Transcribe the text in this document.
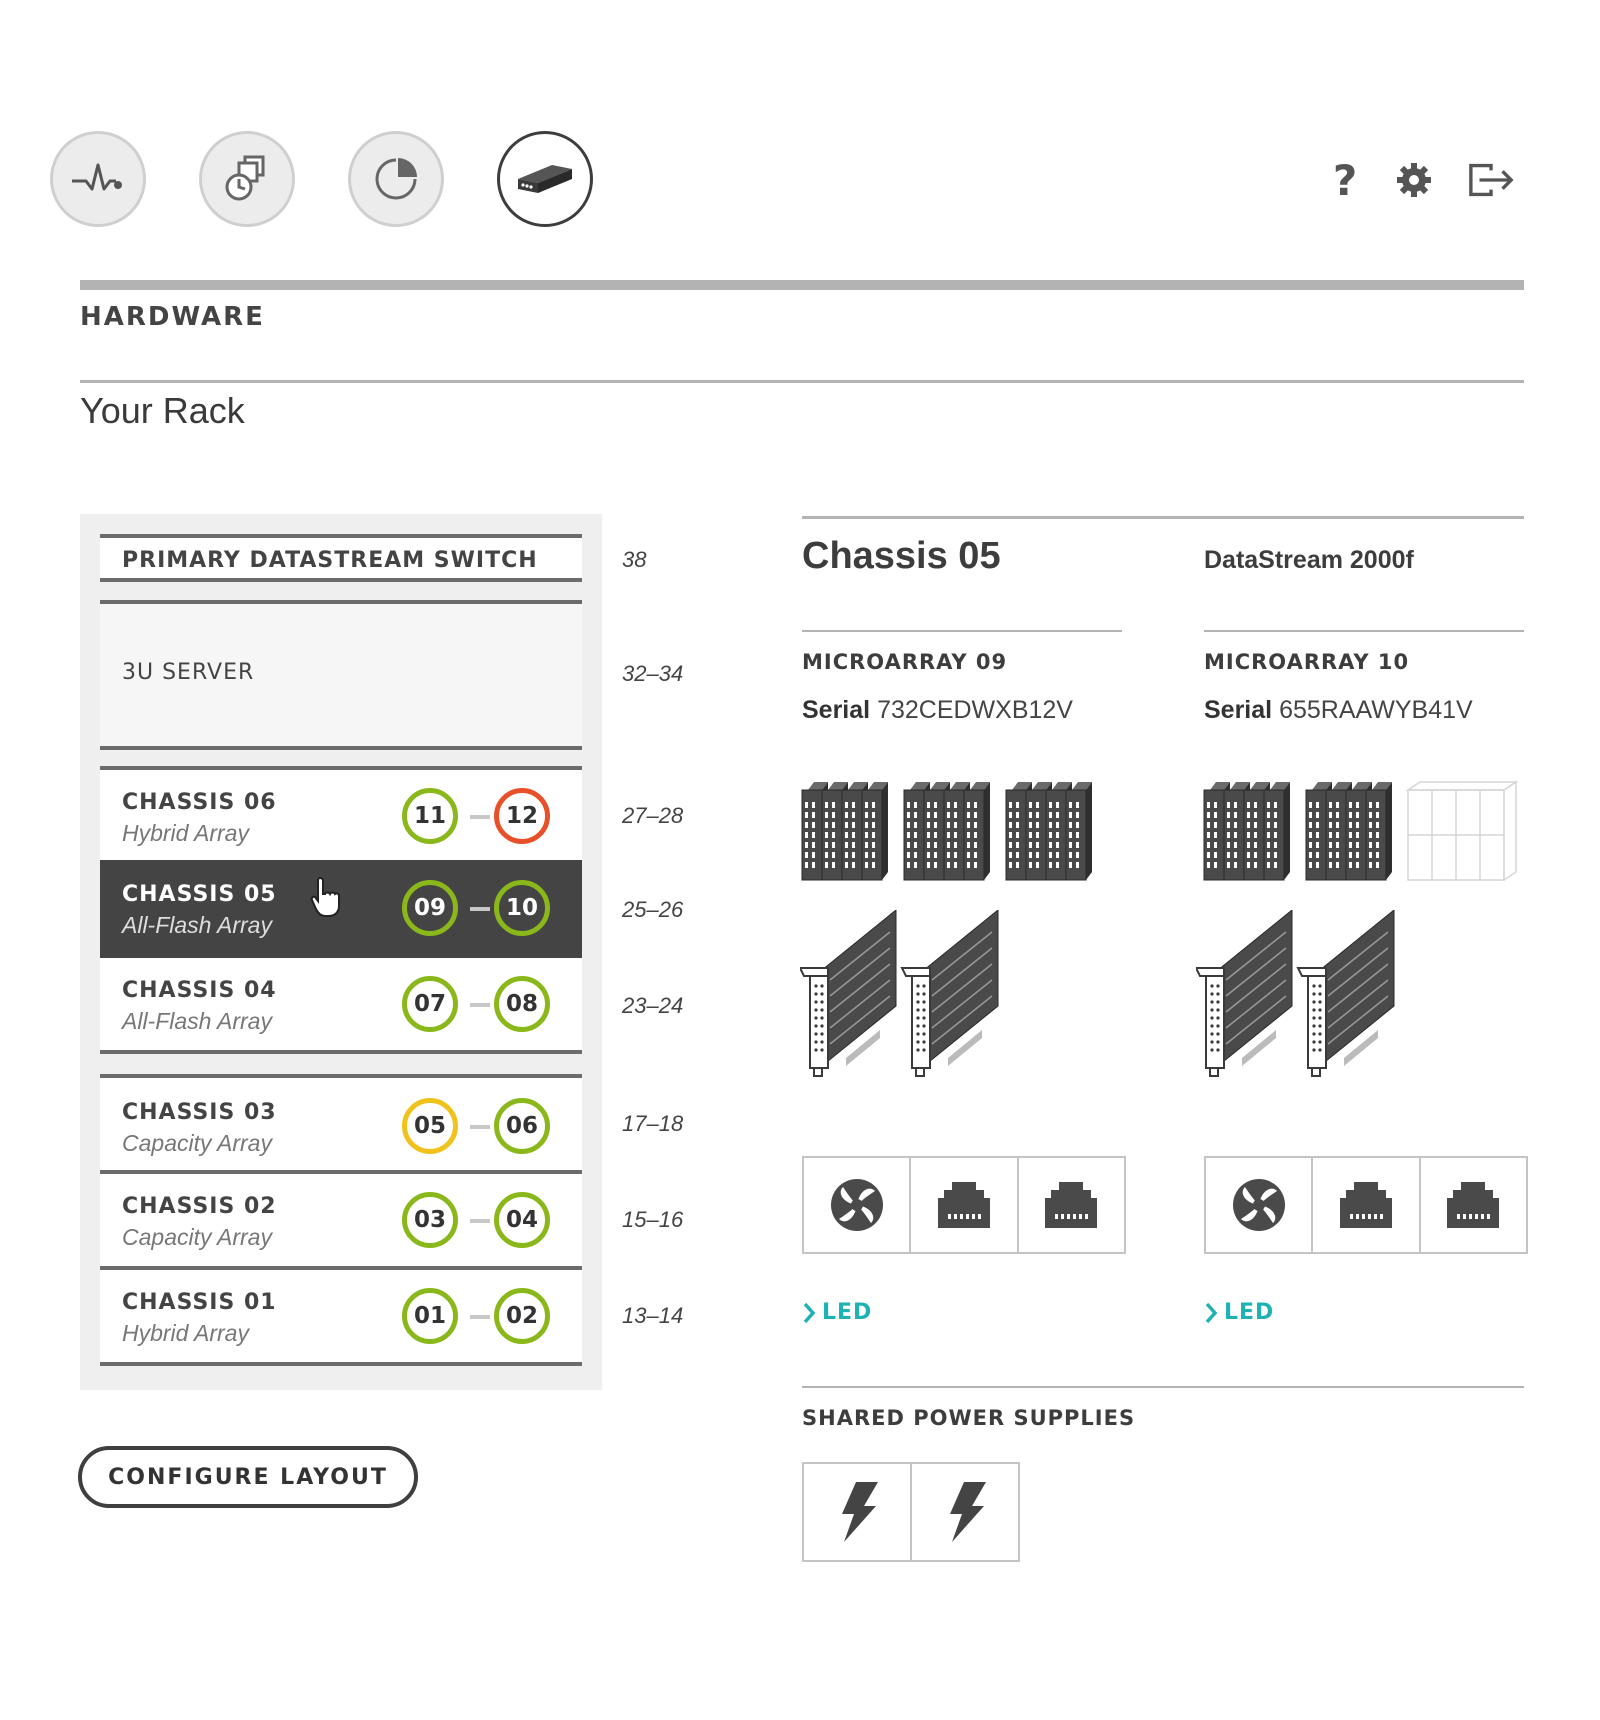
?
HARDWARE
Your Rack
PRIMARY DATASTREAM SWITCH	38
3U SERVER	32–34
CHASSIS 06
Hybrid Array
11	12	27–28
CHASSIS 05
All-Flash Array
09	10	25–26
CHASSIS 04
All-Flash Array
07	08	23–24
CHASSIS 03
Capacity Array
05	06	17–18
CHASSIS 02
Capacity Array
03	04	15–16
CHASSIS 01
Hybrid Array
01	02	13–14
CONFIGURE LAYOUT
Chassis 05	DataStream 2000f
MICROARRAY 09	MICROARRAY 10
Serial 732CEDWXB12V	Serial 655RAAWYB41V
LED	LED
SHARED POWER SUPPLIES
